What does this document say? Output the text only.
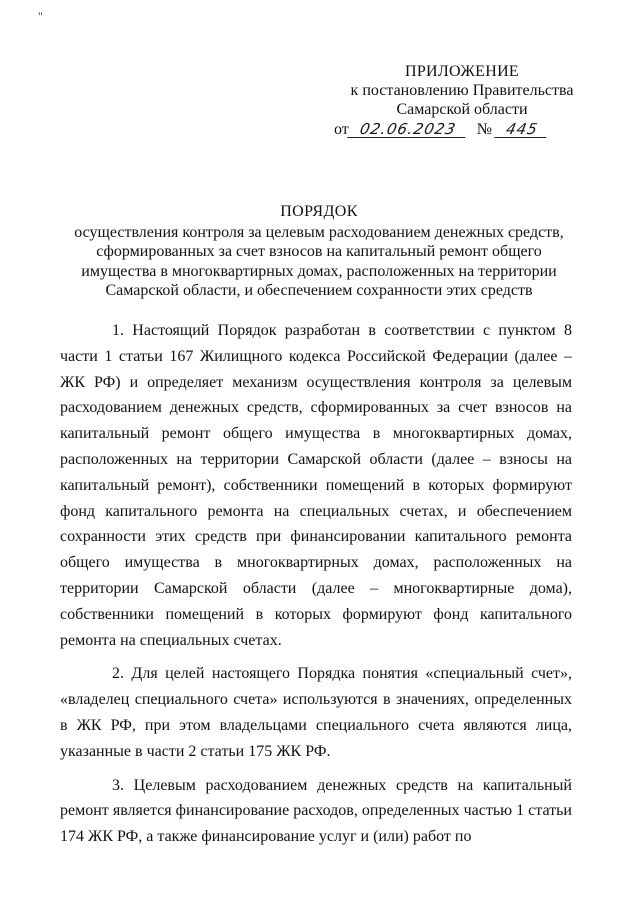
"
ПРИЛОЖЕНИЕ
к постановлению Правительства
Самарской области
от 02.06.2023 № 445
ПОРЯДОК
осуществления контроля за целевым расходованием денежных средств,
сформированных за счет взносов на капитальный ремонт общего
имущества в многоквартирных домах, расположенных на территории
Самарской области, и обеспечением сохранности этих средств

1. Настоящий Порядок разработан в соответствии с пунктом 8 части 1 статьи 167 Жилищного кодекса Российской Федерации (далее – ЖК РФ) и определяет механизм осуществления контроля за целевым расходованием денежных средств, сформированных за счет взносов на капитальный ремонт общего имущества в многоквартирных домах, расположенных на территории Самарской области (далее – взносы на капитальный ремонт), собственники помещений в которых формируют фонд капитального ремонта на специальных счетах, и обеспечением сохранности этих средств при финансировании капитального ремонта общего имущества в многоквартирных домах, расположенных на территории Самарской области (далее – многоквартирные дома), собственники помещений в которых формируют фонд капитального ремонта на специальных счетах.

2. Для целей настоящего Порядка понятия «специальный счет», «владелец специального счета» используются в значениях, определенных в ЖК РФ, при этом владельцами специального счета являются лица, указанные в части 2 статьи 175 ЖК РФ.

3. Целевым расходованием денежных средств на капитальный ремонт является финансирование расходов, определенных частью 1 статьи 174 ЖК РФ, а также финансирование услуг и (или) работ по
